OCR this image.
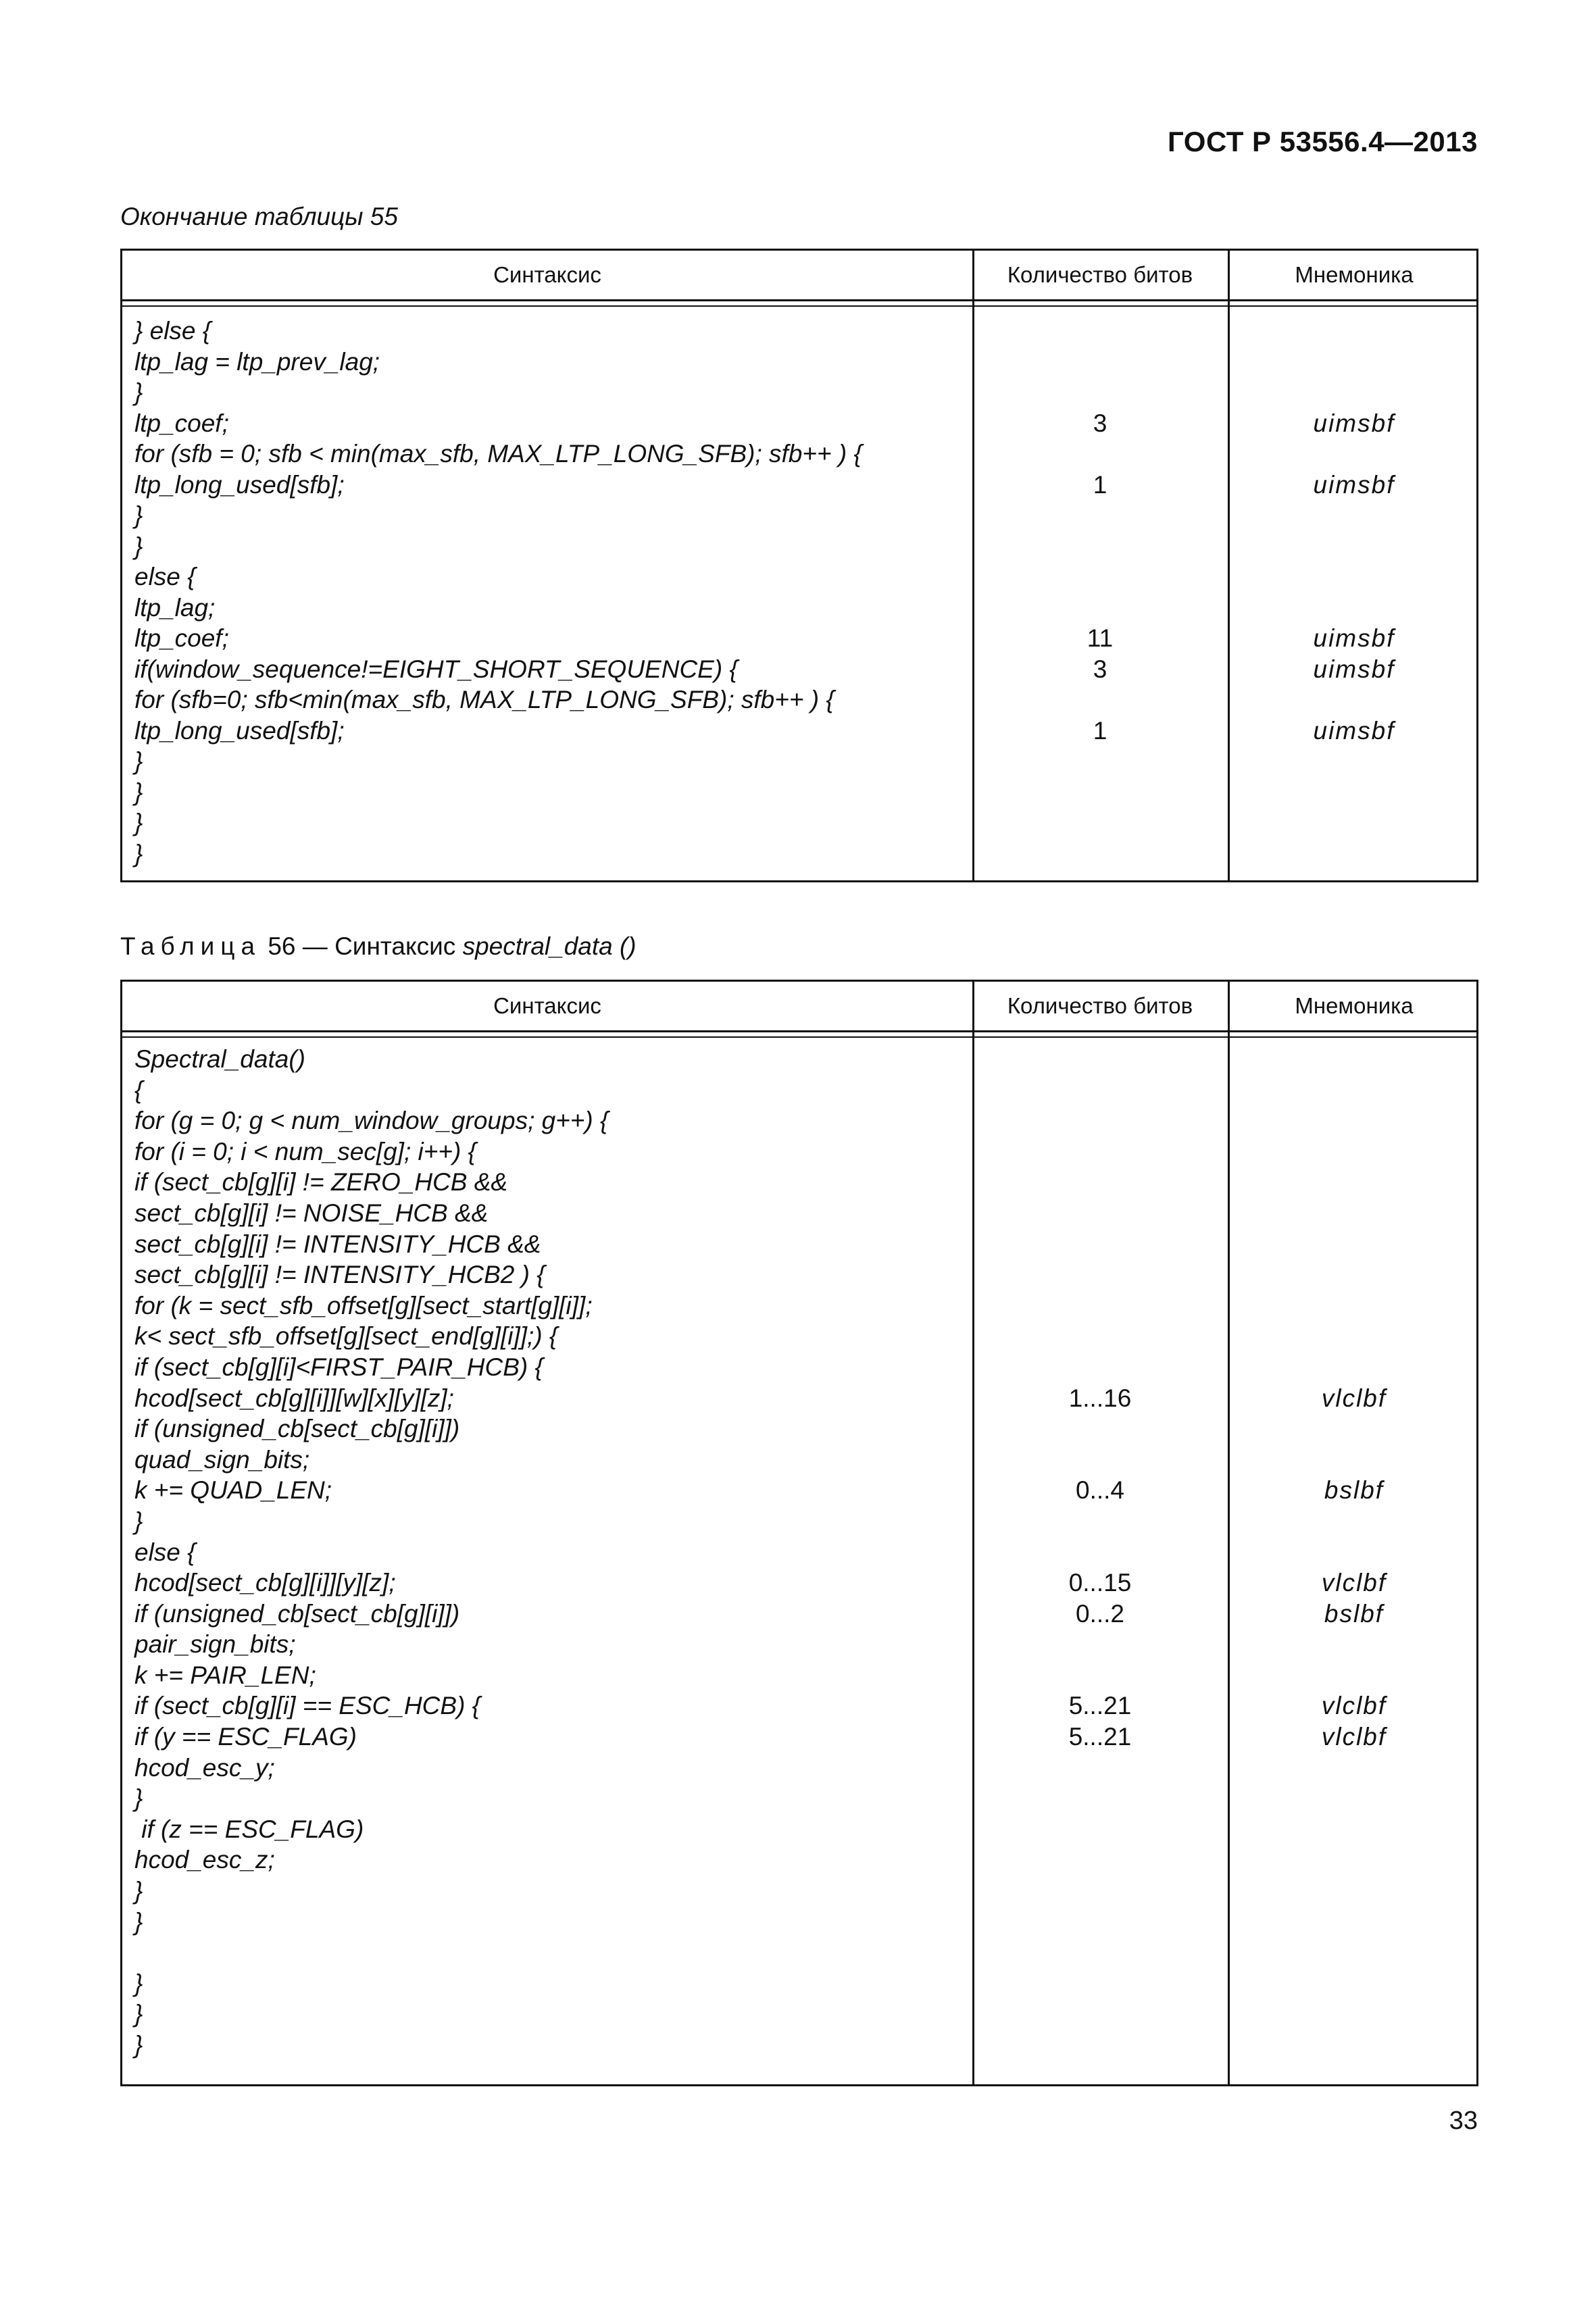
ГОСТ Р 53556.4—2013
Окончание таблицы 55
Синтаксис	Количество битов	Мнемоника
} else {
ltp_lag = ltp_prev_lag;
}
ltp_coef;	3	uimsbf
for (sfb = 0; sfb < min(max_sfb, MAX_LTP_LONG_SFB); sfb++ ) {
ltp_long_used[sfb];	1	uimsbf
}
}
else {
ltp_lag;
ltp_coef;	11	uimsbf
if(window_sequence!=EIGHT_SHORT_SEQUENCE) {	3	uimsbf
for (sfb=0; sfb<min(max_sfb, MAX_LTP_LONG_SFB); sfb++ ) {
ltp_long_used[sfb];	1	uimsbf
}
}
}
}
Таблица 56 — Синтаксис spectral_data ()
Синтаксис	Количество битов	Мнемоника
Spectral_data()
{
for (g = 0; g < num_window_groups; g++) {
for (i = 0; i < num_sec[g]; i++) {
if (sect_cb[g][i] != ZERO_HCB &&
sect_cb[g][i] != NOISE_HCB &&
sect_cb[g][i] != INTENSITY_HCB &&
sect_cb[g][i] != INTENSITY_HCB2 ) {
for (k = sect_sfb_offset[g][sect_start[g][i]];
k< sect_sfb_offset[g][sect_end[g][i]];) {
if (sect_cb[g][i]<FIRST_PAIR_HCB) {
hcod[sect_cb[g][i]][w][x][y][z];	1...16	vlclbf
if (unsigned_cb[sect_cb[g][i]])
quad_sign_bits;
k += QUAD_LEN;	0...4	bslbf
}
else {
hcod[sect_cb[g][i]][y][z];	0...15	vlclbf
if (unsigned_cb[sect_cb[g][i]])	0...2	bslbf
pair_sign_bits;
k += PAIR_LEN;
if (sect_cb[g][i] == ESC_HCB) {	5...21	vlclbf
if (y == ESC_FLAG)	5...21	vlclbf
hcod_esc_y;
}
if (z == ESC_FLAG)
hcod_esc_z;
}
}
}
}
}
33
